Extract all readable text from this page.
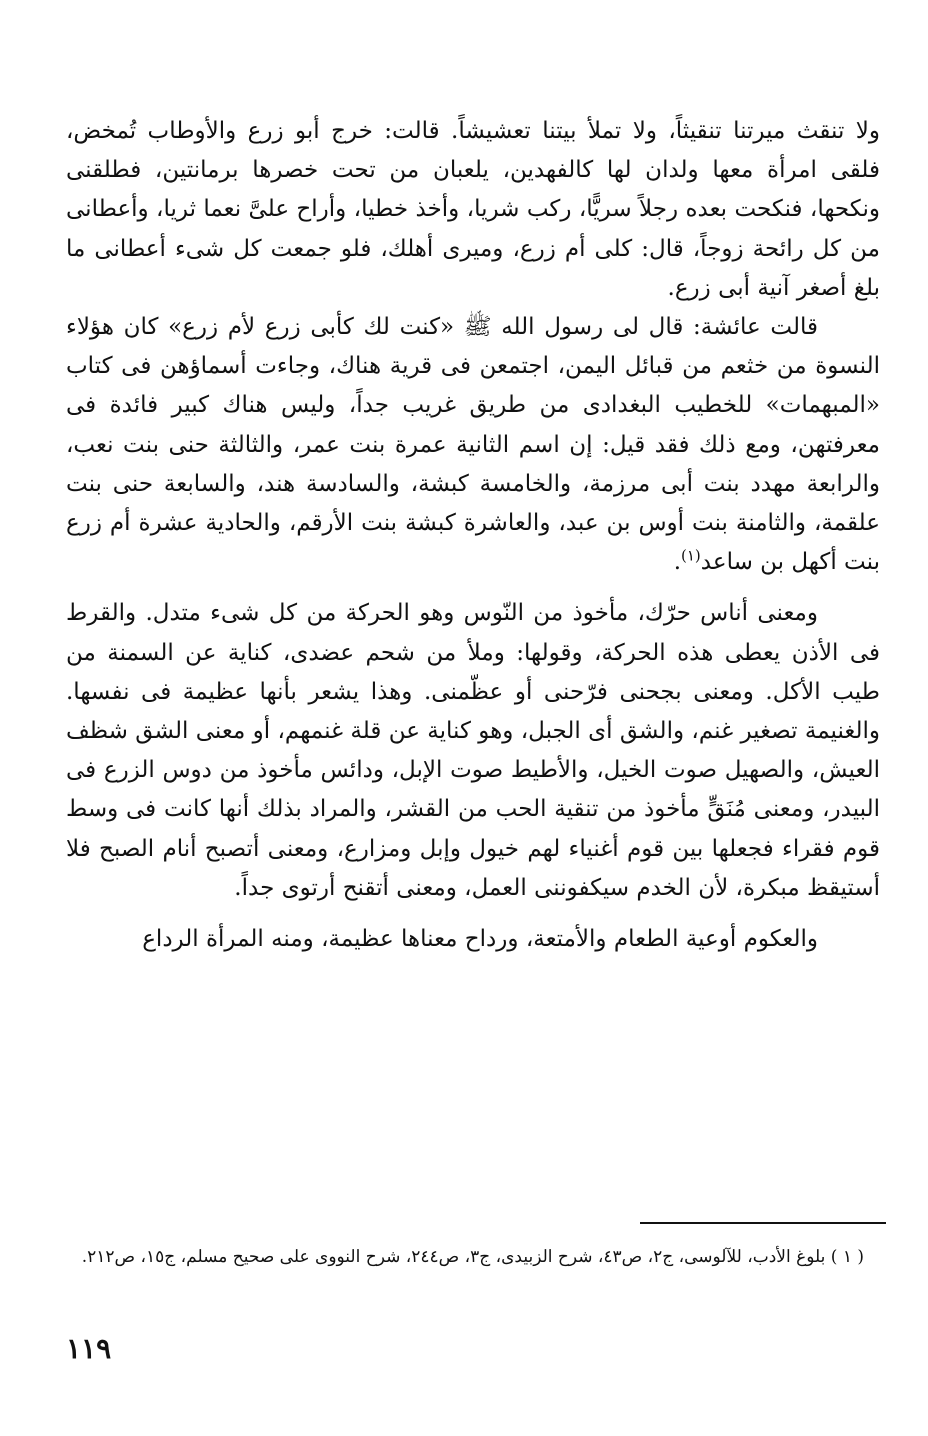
ولا تنقث ميرتنا تنقيثاً، ولا تملأ بيتنا تعشيشاً. قالت: خرج أبو زرع والأوطاب تُمخض، فلقى امرأة معها ولدان لها كالفهدين، يلعبان من تحت خصرها برمانتين، فطلقنى ونكحها، فنكحت بعده رجلاً سريًّا، ركب شريا، وأخذ خطيا، وأراح علىَّ نعما ثريا، وأعطانى من كل رائحة زوجاً، قال: كلى أم زرع، وميرى أهلك، فلو جمعت كل شىء أعطانى ما بلغ أصغر آنية أبى زرع.

قالت عائشة: قال لى رسول الله ﷺ «كنت لك كأبى زرع لأم زرع» كان هؤلاء النسوة من خثعم من قبائل اليمن، اجتمعن فى قرية هناك، وجاءت أسماؤهن فى كتاب «المبهمات» للخطيب البغدادى من طريق غريب جداً، وليس هناك كبير فائدة فى معرفتهن، ومع ذلك فقد قيل: إن اسم الثانية عمرة بنت عمر، والثالثة حنى بنت نعب، والرابعة مهدد بنت أبى مرزمة، والخامسة كبشة، والسادسة هند، والسابعة حنى بنت علقمة، والثامنة بنت أوس بن عبد، والعاشرة كبشة بنت الأرقم، والحادية عشرة أم زرع بنت أكهل بن ساعد$^{(١)}$.

ومعنى أناس حرّك، مأخوذ من النّوس وهو الحركة من كل شىء متدل. والقرط فى الأذن يعطى هذه الحركة، وقولها: وملأ من شحم عضدى، كناية عن السمنة من طيب الأكل. ومعنى بجحنى فرّحنى أو عظّمنى. وهذا يشعر بأنها عظيمة فى نفسها. والغنيمة تصغير غنم، والشق أى الجبل، وهو كناية عن قلة غنمهم، أو معنى الشق شظف العيش، والصهيل صوت الخيل، والأطيط صوت الإبل، ودائس مأخوذ من دوس الزرع فى البيدر، ومعنى مُنَقٍّ مأخوذ من تنقية الحب من القشر، والمراد بذلك أنها كانت فى وسط قوم فقراء فجعلها بين قوم أغنياء لهم خيول وإبل ومزارع، ومعنى أتصبح أنام الصبح فلا أستيقظ مبكرة، لأن الخدم سيكفوننى العمل، ومعنى أتقنح أرتوى جداً.

والعكوم أوعية الطعام والأمتعة، ورداح معناها عظيمة، ومنه المرأة الرداع

( ١ ) بلوغ الأدب، للآلوسى، ج٢، ص٤٣، شرح الزبيدى، ج٣، ص٢٤٤، شرح النووى على صحيح مسلم، ج١٥، ص٢١٢.

١١٩
